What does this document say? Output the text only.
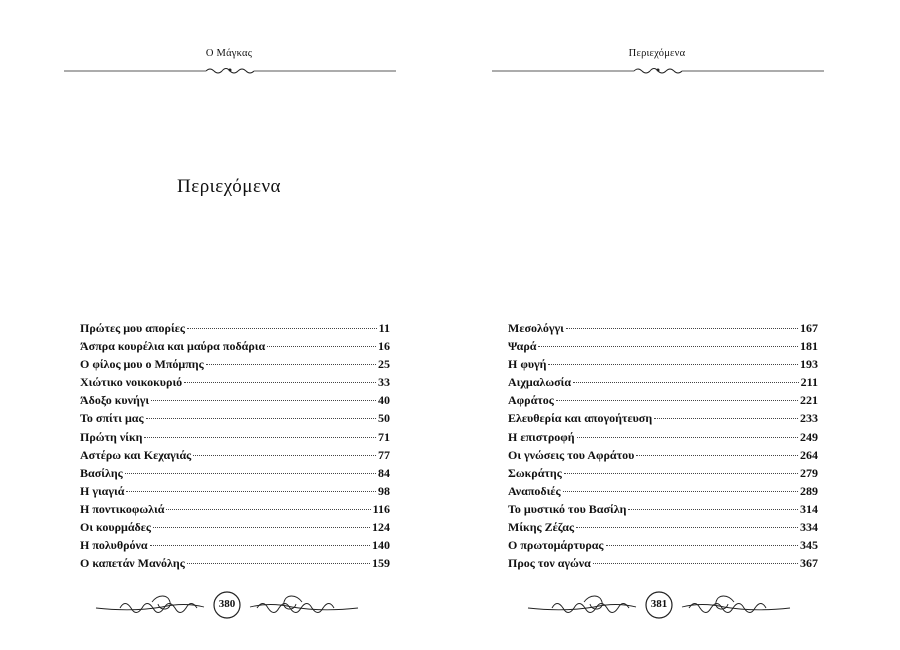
Ο Μάγκας
Περιεχόμενα
Πρώτες μου απορίες	11
Άσπρα κουρέλια και μαύρα ποδάρια	16
Ο φίλος μου ο Μπόμπης	25
Χιώτικο νοικοκυριό	33
Άδοξο κυνήγι	40
Το σπίτι μας	50
Πρώτη νίκη	71
Αστέρω και Κεχαγιάς	77
Βασίλης	84
Η γιαγιά	98
Η ποντικοφωλιά	116
Οι κουρμάδες	124
Η πολυθρόνα	140
Ο καπετάν Μανόλης	159
380
Περιεχόμενα
Μεσολόγγι	167
Ψαρά	181
Η φυγή	193
Αιχμαλωσία	211
Αφράτος	221
Ελευθερία και απογοήτευση	233
Η επιστροφή	249
Οι γνώσεις του Αφράτου	264
Σωκράτης	279
Αναποδιές	289
Το μυστικό του Βασίλη	314
Μίκης Ζέζας	334
Ο πρωτομάρτυρας	345
Προς τον αγώνα	367
381
